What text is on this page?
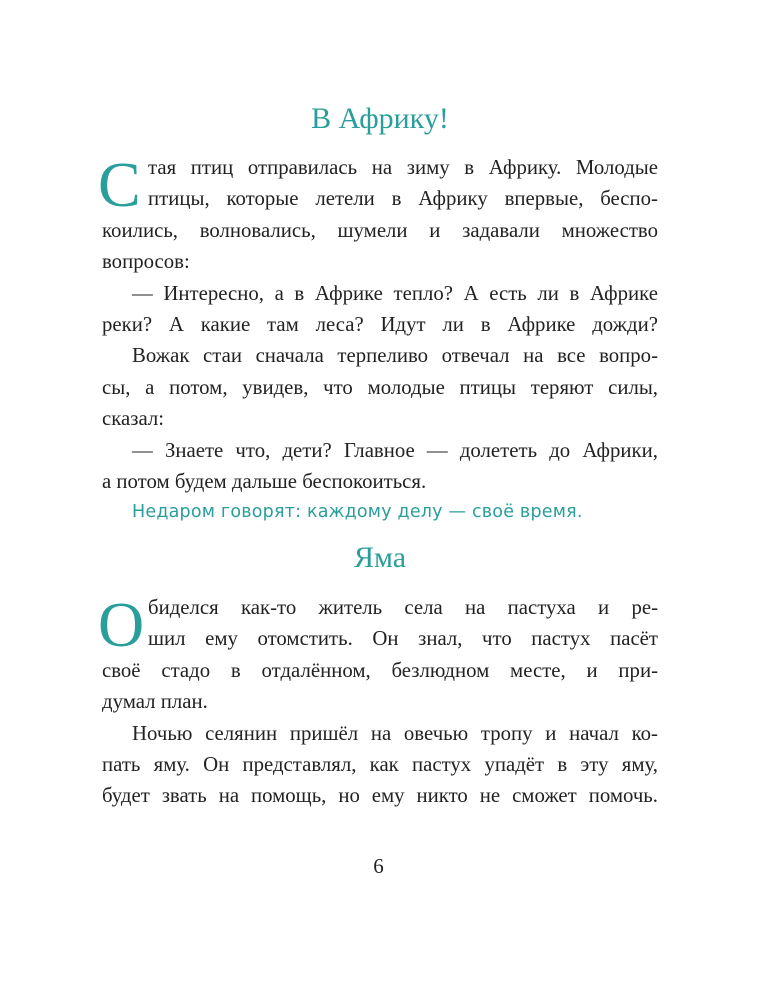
В Африку!
С тая птиц отправилась на зиму в Африку. Молодые
птицы, которые летели в Африку впервые, беспо-
коились, волновались, шумели и задавали множество
вопросов:
— Интересно, а в Африке тепло? А есть ли в Африке
реки? А какие там леса? Идут ли в Африке дожди?
Вожак стаи сначала терпеливо отвечал на все вопро-
сы, а потом, увидев, что молодые птицы теряют силы,
сказал:
— Знаете что, дети? Главное — долететь до Африки,
а потом будем дальше беспокоиться.
Недаром говорят: каждому делу — своё время.
Яма
О биделся как-то житель села на пастуха и ре-
шил ему отомстить. Он знал, что пастух пасёт
своё стадо в отдалённом, безлюдном месте, и при-
думал план.
Ночью селянин пришёл на овечью тропу и начал ко-
пать яму. Он представлял, как пастух упадёт в эту яму,
будет звать на помощь, но ему никто не сможет помочь.
6
